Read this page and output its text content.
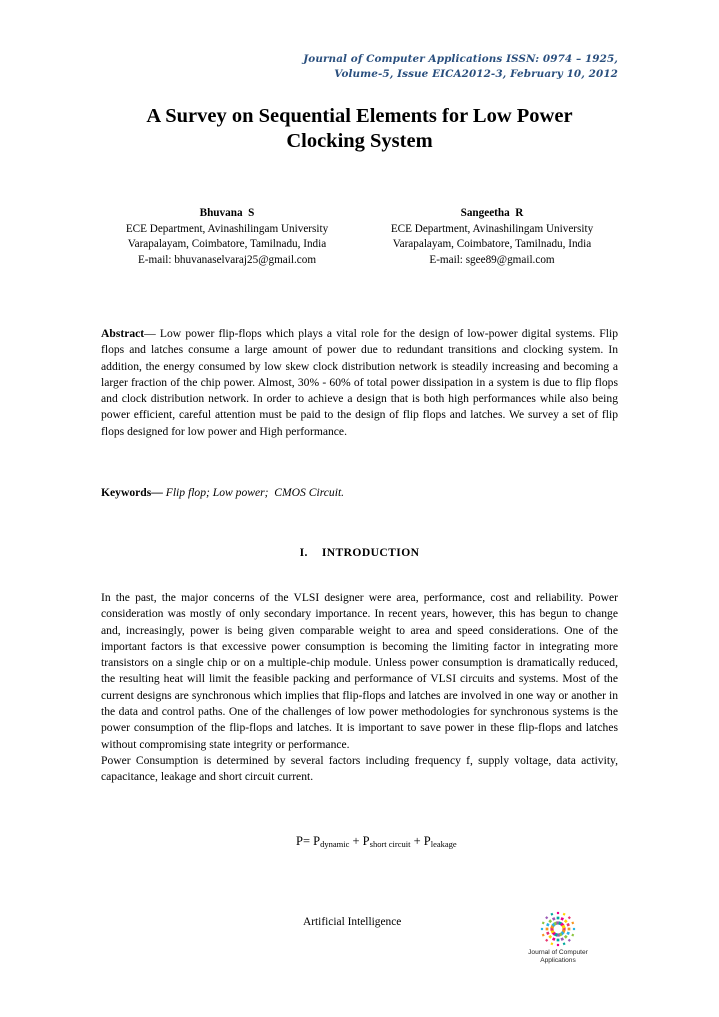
Journal of Computer Applications ISSN: 0974 – 1925,
Volume-5, Issue EICA2012-3, February 10, 2012
A Survey on Sequential Elements for Low Power
Clocking System
Bhuvana  S
ECE Department, Avinashilingam University
Varapalayam, Coimbatore, Tamilnadu, India
E-mail: bhuvanaselvaraj25@gmail.com
Sangeetha  R
ECE Department, Avinashilingam University
Varapalayam, Coimbatore, Tamilnadu, India
E-mail: sgee89@gmail.com
Abstract— Low power flip-flops which plays a vital role for the design of low-power digital systems. Flip flops and latches consume a large amount of power due to redundant transitions and clocking system. In addition, the energy consumed by low skew clock distribution network is steadily increasing and becoming a larger fraction of the chip power. Almost, 30% - 60% of total power dissipation in a system is due to flip flops and clock distribution network. In order to achieve a design that is both high performances while also being power efficient, careful attention must be paid to the design of flip flops and latches. We survey a set of flip flops designed for low power and High performance.
Keywords— Flip flop; Low power;  CMOS Circuit.
I. INTRODUCTION

In the past, the major concerns of the VLSI designer were area, performance, cost and reliability. Power consideration was mostly of only secondary importance. In recent years, however, this has begun to change and, increasingly, power is being given comparable weight to area and speed considerations. One of the important factors is that excessive power consumption is becoming the limiting factor in integrating more transistors on a single chip or on a multiple-chip module. Unless power consumption is dramatically reduced, the resulting heat will limit the feasible packing and performance of VLSI circuits and systems. Most of the current designs are synchronous which implies that flip-flops and latches are involved in one way or another in the data and control paths. One of the challenges of low power methodologies for synchronous systems is the power consumption of the flip-flops and latches. It is important to save power in these flip-flops and latches without compromising state integrity or performance.

Power Consumption is determined by several factors including frequency f, supply voltage, data activity, capacitance, leakage and short circuit current.

$P= P_{dynamic} + P_{short circuit} + P_{leakage}$
Artificial Intelligence
Journal of Computer
Applications
